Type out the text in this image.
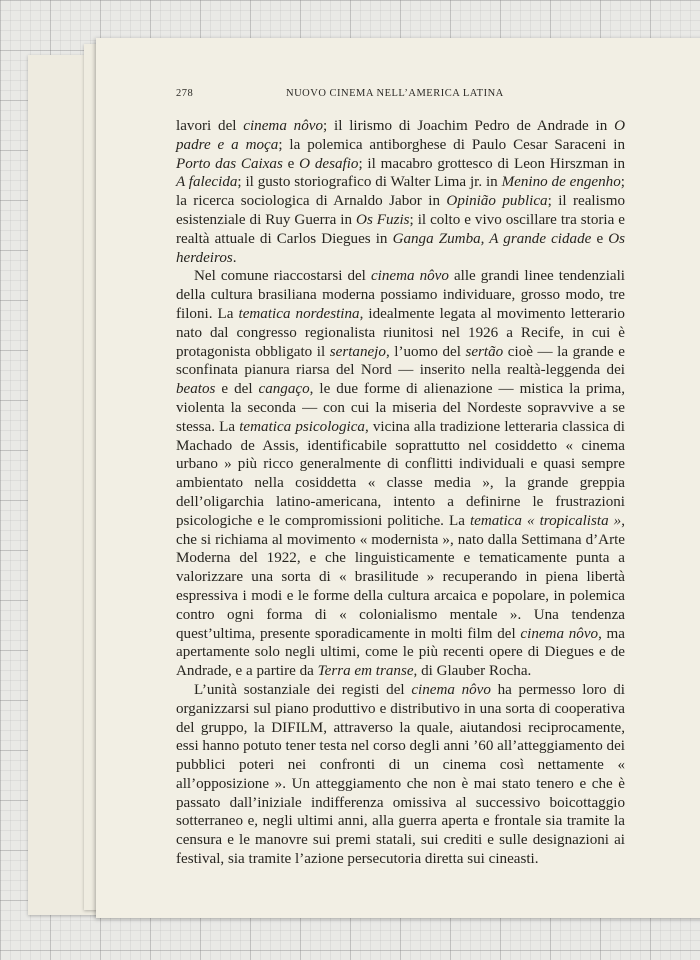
278	NUOVO CINEMA NELL’AMERICA LATINA

lavori del cinema nôvo; il lirismo di Joachim Pedro de Andrade in O padre e a moça; la polemica antiborghese di Paulo Cesar Saraceni in Porto das Caixas e O desafio; il macabro grottesco di Leon Hirszman in A falecida; il gusto storiografico di Walter Lima jr. in Menino de engenho; la ricerca sociologica di Arnaldo Jabor in Opinião publica; il realismo esistenziale di Ruy Guerra in Os Fuzis; il colto e vivo oscillare tra storia e realtà attuale di Carlos Diegues in Ganga Zumba, A grande cidade e Os herdeiros.

Nel comune riaccostarsi del cinema nôvo alle grandi linee tendenziali della cultura brasiliana moderna possiamo individuare, grosso modo, tre filoni. La tematica nordestina, idealmente legata al movimento letterario nato dal congresso regionalista riunitosi nel 1926 a Recife, in cui è protagonista obbligato il sertanejo, l’uomo del sertão cioè — la grande e sconfinata pianura riarsa del Nord — inserito nella realtà-leggenda dei beatos e del cangaço, le due forme di alienazione — mistica la prima, violenta la seconda — con cui la miseria del Nordeste sopravvive a se stessa. La tematica psicologica, vicina alla tradizione letteraria classica di Machado de Assis, identificabile soprattutto nel cosiddetto « cinema urbano » più ricco generalmente di conflitti individuali e quasi sempre ambientato nella cosiddetta « classe media », la grande greppia dell’oligarchia latino-americana, intento a definirne le frustrazioni psicologiche e le compromissioni politiche. La tematica « tropicalista », che si richiama al movimento « modernista », nato dalla Settimana d’Arte Moderna del 1922, e che linguisticamente e tematicamente punta a valorizzare una sorta di « brasilitude » recuperando in piena libertà espressiva i modi e le forme della cultura arcaica e popolare, in polemica contro ogni forma di « colonialismo mentale ». Una tendenza quest’ultima, presente sporadicamente in molti film del cinema nôvo, ma apertamente solo negli ultimi, come le più recenti opere di Diegues e de Andrade, e a partire da Terra em transe, di Glauber Rocha.

L’unità sostanziale dei registi del cinema nôvo ha permesso loro di organizzarsi sul piano produttivo e distributivo in una sorta di cooperativa del gruppo, la DIFILM, attraverso la quale, aiutandosi reciprocamente, essi hanno potuto tener testa nel corso degli anni ’60 all’atteggiamento dei pubblici poteri nei confronti di un cinema così nettamente « all’opposizione ». Un atteggiamento che non è mai stato tenero e che è passato dall’iniziale indifferenza omissiva al successivo boicottaggio sotterraneo e, negli ultimi anni, alla guerra aperta e frontale sia tramite la censura e le manovre sui premi statali, sui crediti e sulle designazioni ai festival, sia tramite l’azione persecutoria diretta sui cineasti.
